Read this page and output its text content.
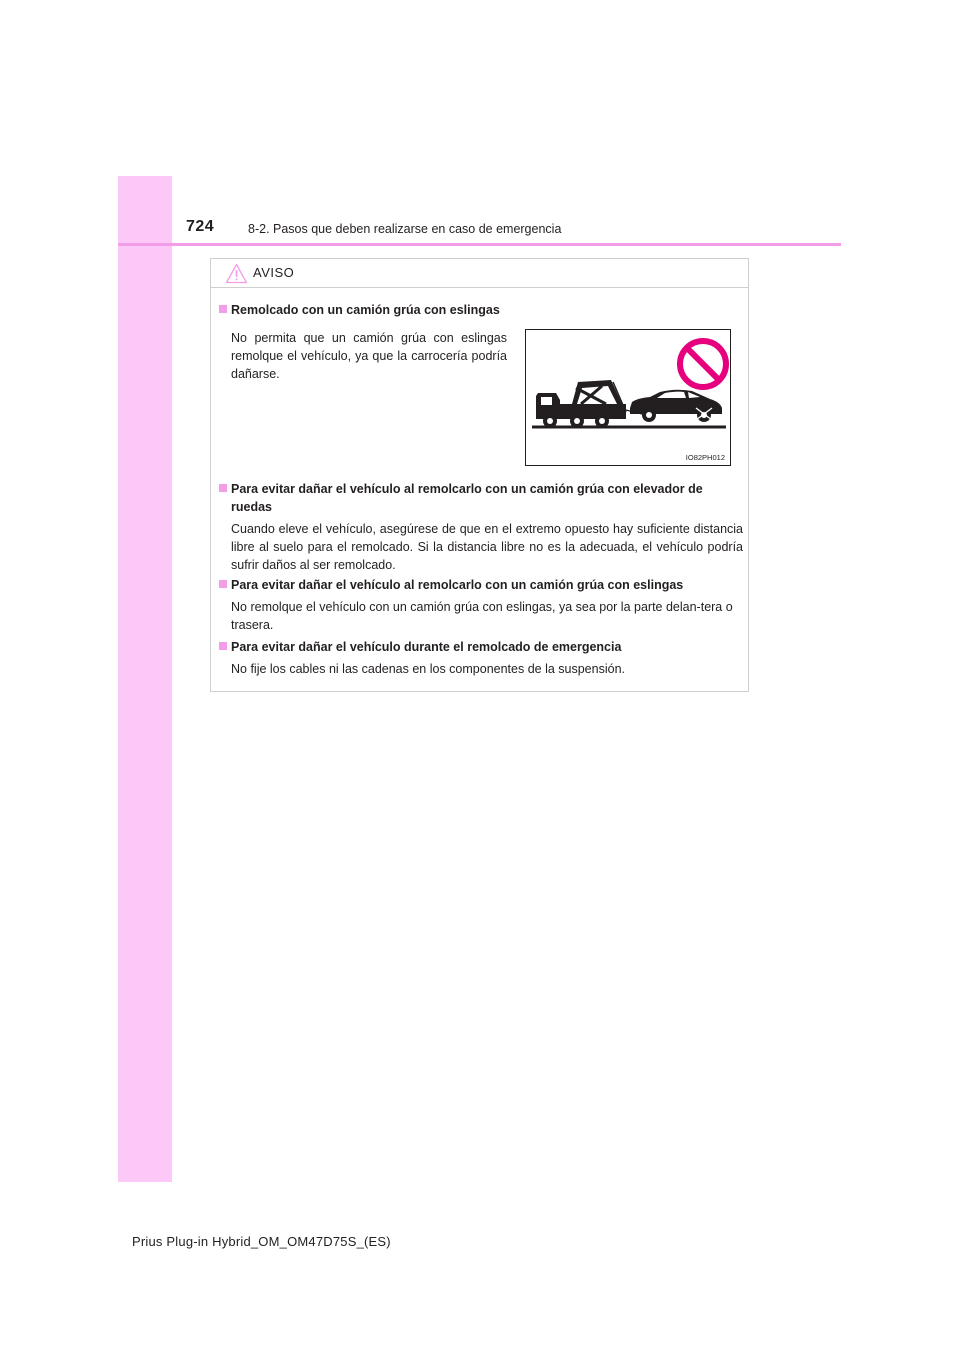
724	8-2. Pasos que deben realizarse en caso de emergencia
AVISO
Remolcado con un camión grúa con eslingas
No permita que un camión grúa con eslingas remolque el vehículo, ya que la carrocería podría dañarse.
IO82PH012
Para evitar dañar el vehículo al remolcarlo con un camión grúa con elevador de ruedas
Cuando eleve el vehículo, asegúrese de que en el extremo opuesto hay suficiente distancia libre al suelo para el remolcado. Si la distancia libre no es la adecuada, el vehículo podría sufrir daños al ser remolcado.
Para evitar dañar el vehículo al remolcarlo con un camión grúa con eslingas
No remolque el vehículo con un camión grúa con eslingas, ya sea por la parte delan-tera o trasera.
Para evitar dañar el vehículo durante el remolcado de emergencia
No fije los cables ni las cadenas en los componentes de la suspensión.
Prius Plug-in Hybrid_OM_OM47D75S_(ES)
